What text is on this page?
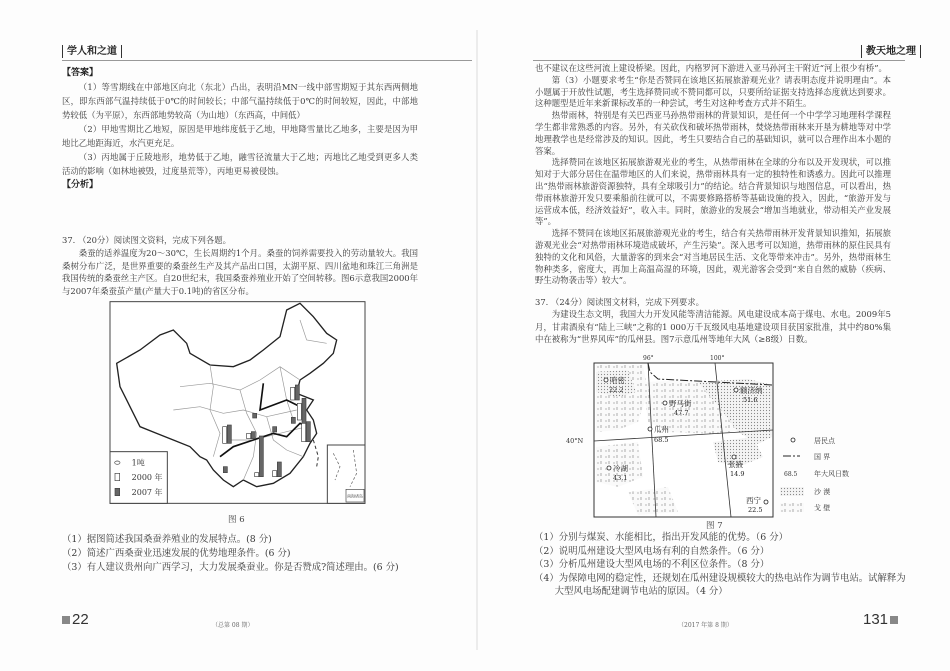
学人和之道

【答案】

（1）等雪期线在中部地区向北（东北）凸出，表明沿MN一线中部雪期短于其东西两侧地区，即东西部气温持续低于0℃的时间较长；中部气温持续低于0℃的时间较短，因此，中部地势较低（为平原），东西部地势较高（为山地）（东西高，中间低）

（2）甲地雪期比乙地短，原因是甲地纬度低于乙地，甲地降雪量比乙地多，主要是因为甲地比乙地距海近，水汽更充足。

（3）丙地属于丘陵地形，地势低于乙地，融雪径流量大于乙地；丙地比乙地受到更多人类活动的影响（如林地被毁，过度垦荒等），丙地更易被侵蚀。

【分析】

37. （20分）阅读图文资料，完成下列各题。

桑蚕的适养温度为20～30℃，生长周期约1个月。桑蚕的饲养需要投入的劳动量较大。我国桑树分布广泛，是世界重要的桑蚕丝生产及其产品出口国，太湖平原、四川盆地和珠江三角洲是我国传统的桑蚕丝主产区。自20世纪末，我国桑蚕养殖业开始了空间转移。图6示意我国2000年与2007年桑蚕茧产量(产量大于0.1吨)的省区分布。

1吨
2000 年
2007 年	南海诸岛
图 6

（1）据图简述我国桑蚕养殖业的发展特点。(8 分)

（2）简述广西桑蚕业迅速发展的优势地理条件。(6 分)

（3）有人建议贵州向广西学习，大力发展桑蚕业。你是否赞成?简述理由。(6 分)

22	（总第 08 期）
教天地之理

也不建议在这些河流上建设桥梁。因此，内格罗河下游进入亚马孙河主干附近“河上很少有桥”。

第（3）小题要求考生“你是否赞同在该地区拓展旅游观光业？请表明态度并说明理由”。本小题属于开放性试题，考生选择赞同或不赞同都可以，只要所给证据支持选择态度就达到要求。这种题型是近年来新课标改革的一种尝试，考生对这种考查方式并不陌生。

热带雨林，特别是有关巴西亚马孙热带雨林的背景知识，是任何一个中学学习地理科学课程学生都非常熟悉的内容。另外，有关砍伐和破坏热带雨林，焚烧热带雨林来开垦为耕地等对中学地理教学也是经常涉及的知识。因此，考生只要结合自己的基础知识，就可以合理作出本小题的答案。

选择赞同在该地区拓展旅游观光业的考生，从热带雨林在全球的分布以及开发现状，可以推知对于大部分居住在温带地区的人们来说，热带雨林具有一定的独特性和诱惑力。因此可以推理出“热带雨林旅游资源独特，具有全球吸引力”的结论。结合背景知识与地图信息，可以看出，热带雨林旅游开发只要乘船前往就可以，不需要修路搭桥等基础设施的投入，因此，“旅游开发与运营成本低，经济效益好”，收入丰。同时，旅游业的发展会“增加当地就业，带动相关产业发展等”。

选择不赞同在该地区拓展旅游观光业的考生，结合有关热带雨林开发背景知识推知，拓展旅游观光业会“对热带雨林环境造成破坏，产生污染”。深入思考可以知道，热带雨林的原住民具有独特的文化和风俗，大量游客的到来会“对当地居民生活、文化等带来冲击”。另外，热带雨林生物种类多，密度大，再加上高温高湿的环境，因此，观光游客会受到“来自自然的威胁（疾病、野生动物袭击等）较大”。

37. （24分）阅读图文材料，完成下列要求。

为建设生态文明，我国大力开发风能等清洁能源。风电建设成本高于煤电、水电。2009年5月，甘肃酒泉有“陆上三峡”之称的1 000万千瓦级风电基地建设项目获国家批准，其中约80%集中在被称为“世界风库”的瓜州县。图7示意瓜州等地年大风（≥8级）日数。

96°	100°
40°N
哈密
22.2
野马街
47.7
额济纳
51.6
瓜州
68.5
冷湖
43.1
张掖
14.9
西宁
22.5
居民点
国 界
68.5 年大风日数
沙 漠
戈 壁
图 7

（1）分别与煤炭、水能相比，指出开发风能的优势。（6 分）

（2）说明瓜州建设大型风电场有利的自然条件。（6 分）

（3）分析瓜州建设大型风电场的不利区位条件。（8 分）

（4）为保障电网的稳定性，还规划在瓜州建设规模较大的热电站作为调节电站。试解释为大型风电场配建调节电站的原因。（4 分）

（2017 年第 8 期）	131
